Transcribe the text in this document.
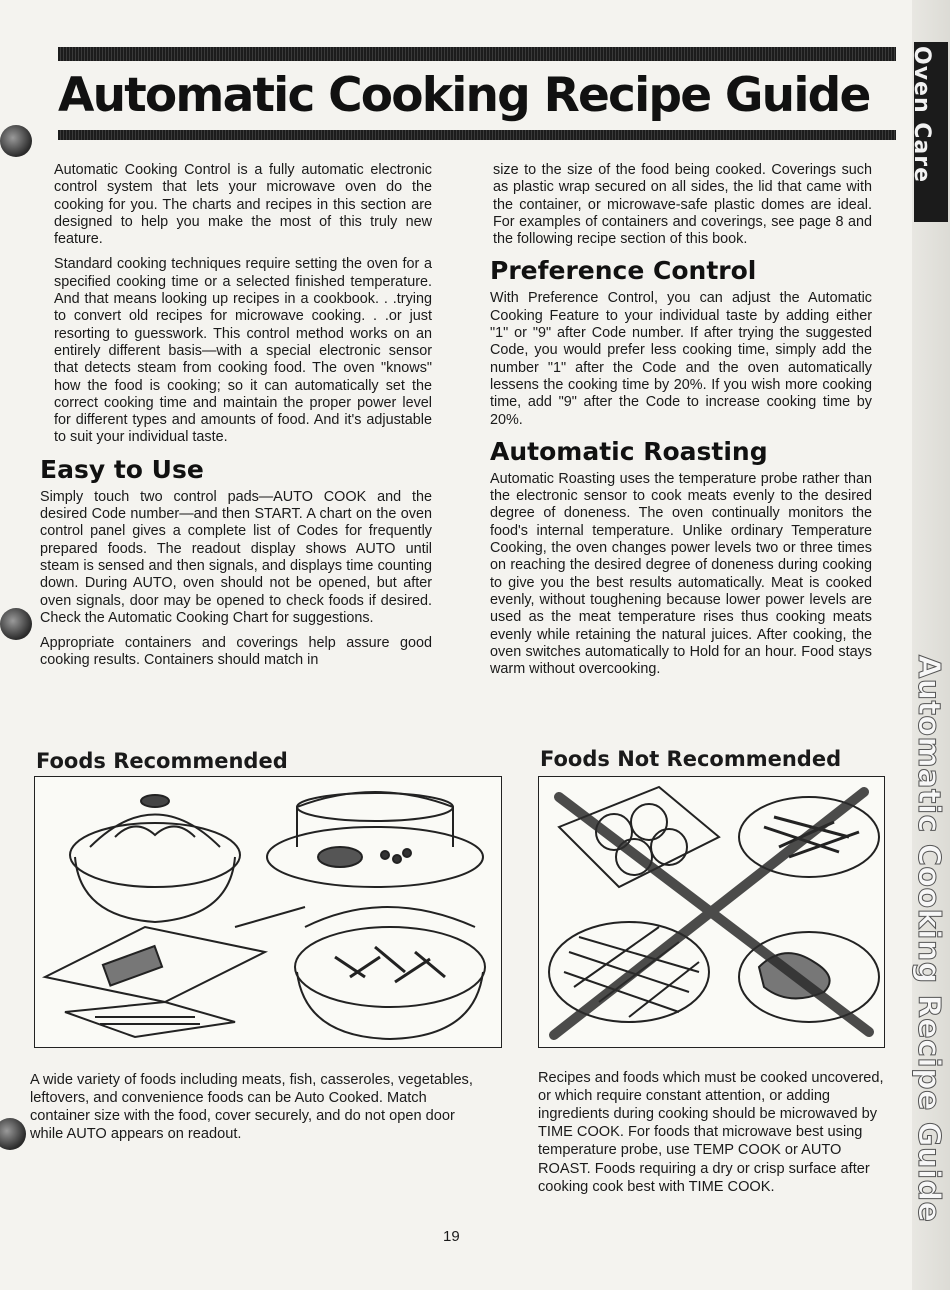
Automatic Cooking Recipe Guide

Automatic Cooking Control is a fully automatic electronic control system that lets your microwave oven do the cooking for you. The charts and recipes in this section are designed to help you make the most of this truly new feature.

Standard cooking techniques require setting the oven for a specified cooking time or a selected finished temperature. And that means looking up recipes in a cookbook. . .trying to convert old recipes for microwave cooking. . .or just resorting to guesswork. This control method works on an entirely different basis—with a special electronic sensor that detects steam from cooking food. The oven "knows" how the food is cooking; so it can automatically set the correct cooking time and maintain the proper power level for different types and amounts of food. And it's adjustable to suit your individual taste.

Easy to Use

Simply touch two control pads—AUTO COOK and the desired Code number—and then START. A chart on the oven control panel gives a complete list of Codes for frequently prepared foods. The readout display shows AUTO until steam is sensed and then signals, and displays time counting down. During AUTO, oven should not be opened, but after oven signals, door may be opened to check foods if desired. Check the Automatic Cooking Chart for suggestions.

Appropriate containers and coverings help assure good cooking results. Containers should match in

size to the size of the food being cooked. Coverings such as plastic wrap secured on all sides, the lid that came with the container, or microwave-safe plastic domes are ideal. For examples of containers and coverings, see page 8 and the following recipe section of this book.

Preference Control

With Preference Control, you can adjust the Automatic Cooking Feature to your individual taste by adding either "1" or "9" after Code number. If after trying the suggested Code, you would prefer less cooking time, simply add the number "1" after the Code and the oven automatically lessens the cooking time by 20%. If you wish more cooking time, add "9" after the Code to increase cooking time by 20%.

Automatic Roasting

Automatic Roasting uses the temperature probe rather than the electronic sensor to cook meats evenly to the desired degree of doneness. The oven continually monitors the food's internal temperature. Unlike ordinary Temperature Cooking, the oven changes power levels two or three times on reaching the desired degree of doneness during cooking to give you the best results automatically. Meat is cooked evenly, without toughening because lower power levels are used as the meat temperature rises thus cooking meats evenly while retaining the natural juices. After cooking, the oven switches automatically to Hold for an hour. Food stays warm without overcooking.

Foods Recommended	Foods Not Recommended

A wide variety of foods including meats, fish, casseroles, vegetables, leftovers, and convenience foods can be Auto Cooked. Match container size with the food, cover securely, and do not open door while AUTO appears on readout.

Recipes and foods which must be cooked uncovered, or which require constant attention, or adding ingredients during cooking should be microwaved by TIME COOK. For foods that microwave best using temperature probe, use TEMP COOK or AUTO ROAST. Foods requiring a dry or crisp surface after cooking cook best with TIME COOK.

19
Oven Care
Automatic Cooking Recipe Guide
